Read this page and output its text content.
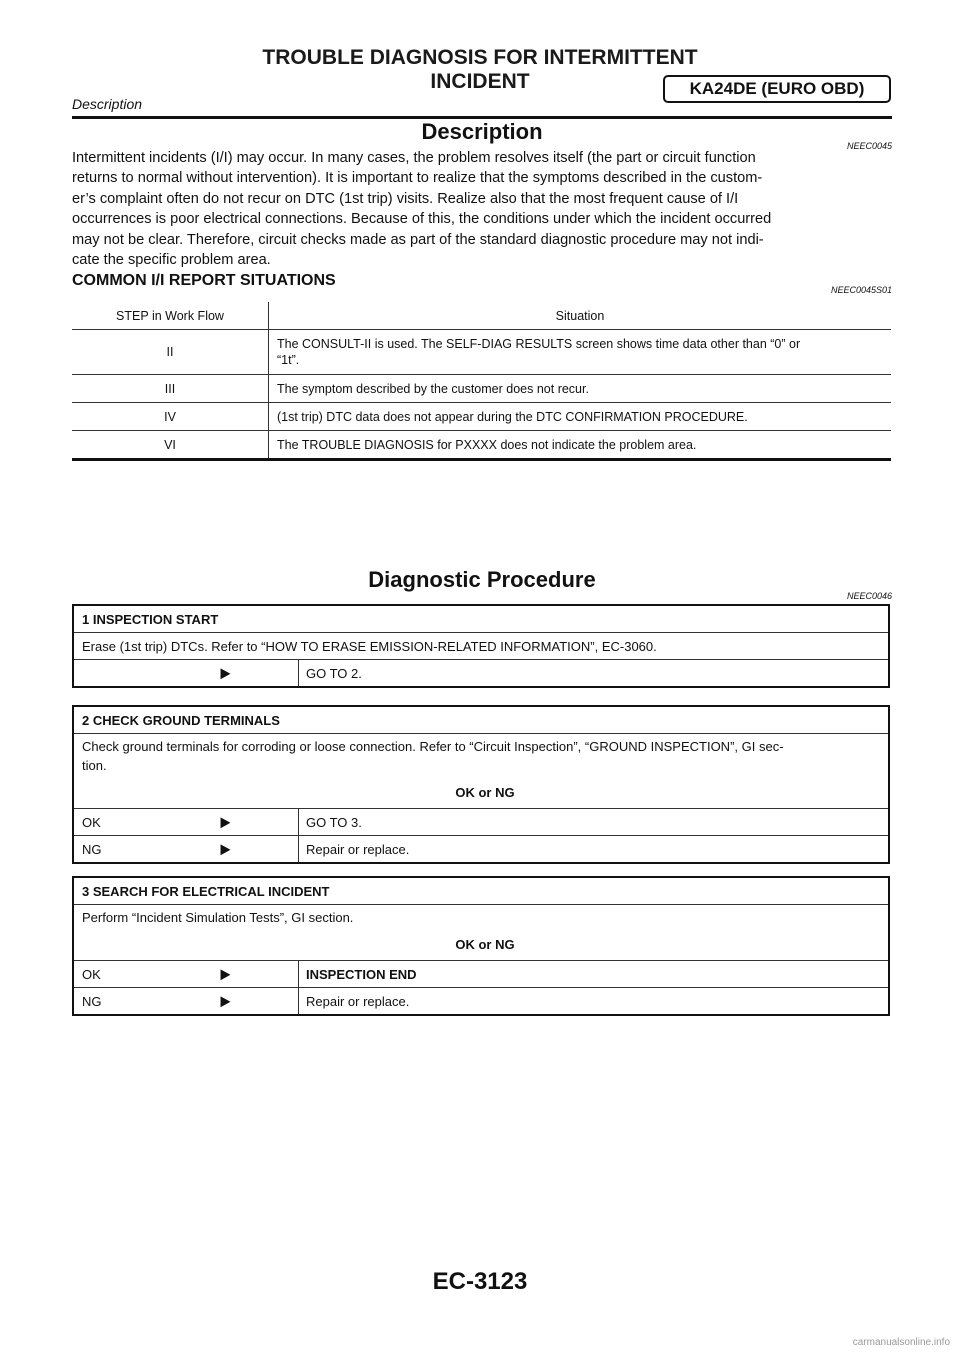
TROUBLE DIAGNOSIS FOR INTERMITTENT
INCIDENT	KA24DE (EURO OBD)
Description
Description
NEEC0045
Intermittent incidents (I/I) may occur. In many cases, the problem resolves itself (the part or circuit function
returns to normal without intervention). It is important to realize that the symptoms described in the custom-
er’s complaint often do not recur on DTC (1st trip) visits. Realize also that the most frequent cause of I/I
occurrences is poor electrical connections. Because of this, the conditions under which the incident occurred
may not be clear. Therefore, circuit checks made as part of the standard diagnostic procedure may not indi-
cate the specific problem area.
COMMON I/I REPORT SITUATIONS
NEEC0045S01
STEP in Work Flow	Situation
II	The CONSULT-II is used. The SELF-DIAG RESULTS screen shows time data other than “0” or
“1t”.

III	The symptom described by the customer does not recur.
IV	(1st trip) DTC data does not appear during the DTC CONFIRMATION PROCEDURE.
VI	The TROUBLE DIAGNOSIS for PXXXX does not indicate the problem area.
Diagnostic Procedure
NEEC0046
1 INSPECTION START
Erase (1st trip) DTCs. Refer to “HOW TO ERASE EMISSION-RELATED INFORMATION”, EC-3060.
	▶	GO TO 2.
2 CHECK GROUND TERMINALS		

Check ground terminals for corroding or loose connection. Refer to “Circuit Inspection”, “GROUND INSPECTION”, GI sec-
tion.
OK or NG		

OK	▶	GO TO 3.
NG	▶	Repair or replace.
3 SEARCH FOR ELECTRICAL INCIDENT		

Perform “Incident Simulation Tests”, GI section.
OK or NG		

OK	▶	INSPECTION END
NG	▶	Repair or replace.
EC-3123
carmanualsonline.info
